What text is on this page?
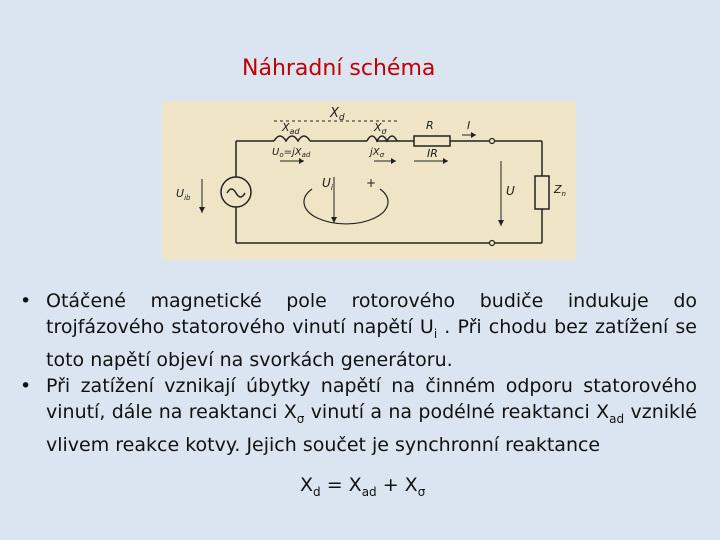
Náhradní schéma
$X_d$
$X_{ad}$	$X_\sigma$	R	I
$U_o=jX_{ad}$	$jX_\sigma$	IR
$U_{ib}$
$U_i$	+
U	$Z_n$

• Otáčené magnetické pole rotorového budiče indukuje do trojfázového statorového vinutí napětí $U_i$ . Při chodu bez zatížení se toto napětí objeví na svorkách generátoru.

• Při zatížení vznikají úbytky napětí na činném odporu statorového vinutí, dále na reaktanci $X_\sigma$ vinutí a na podélné reaktanci $X_{ad}$ vzniklé vlivem reakce kotvy. Jejich součet je synchronní reaktance

$X_d = X_{ad} + X_\sigma$
